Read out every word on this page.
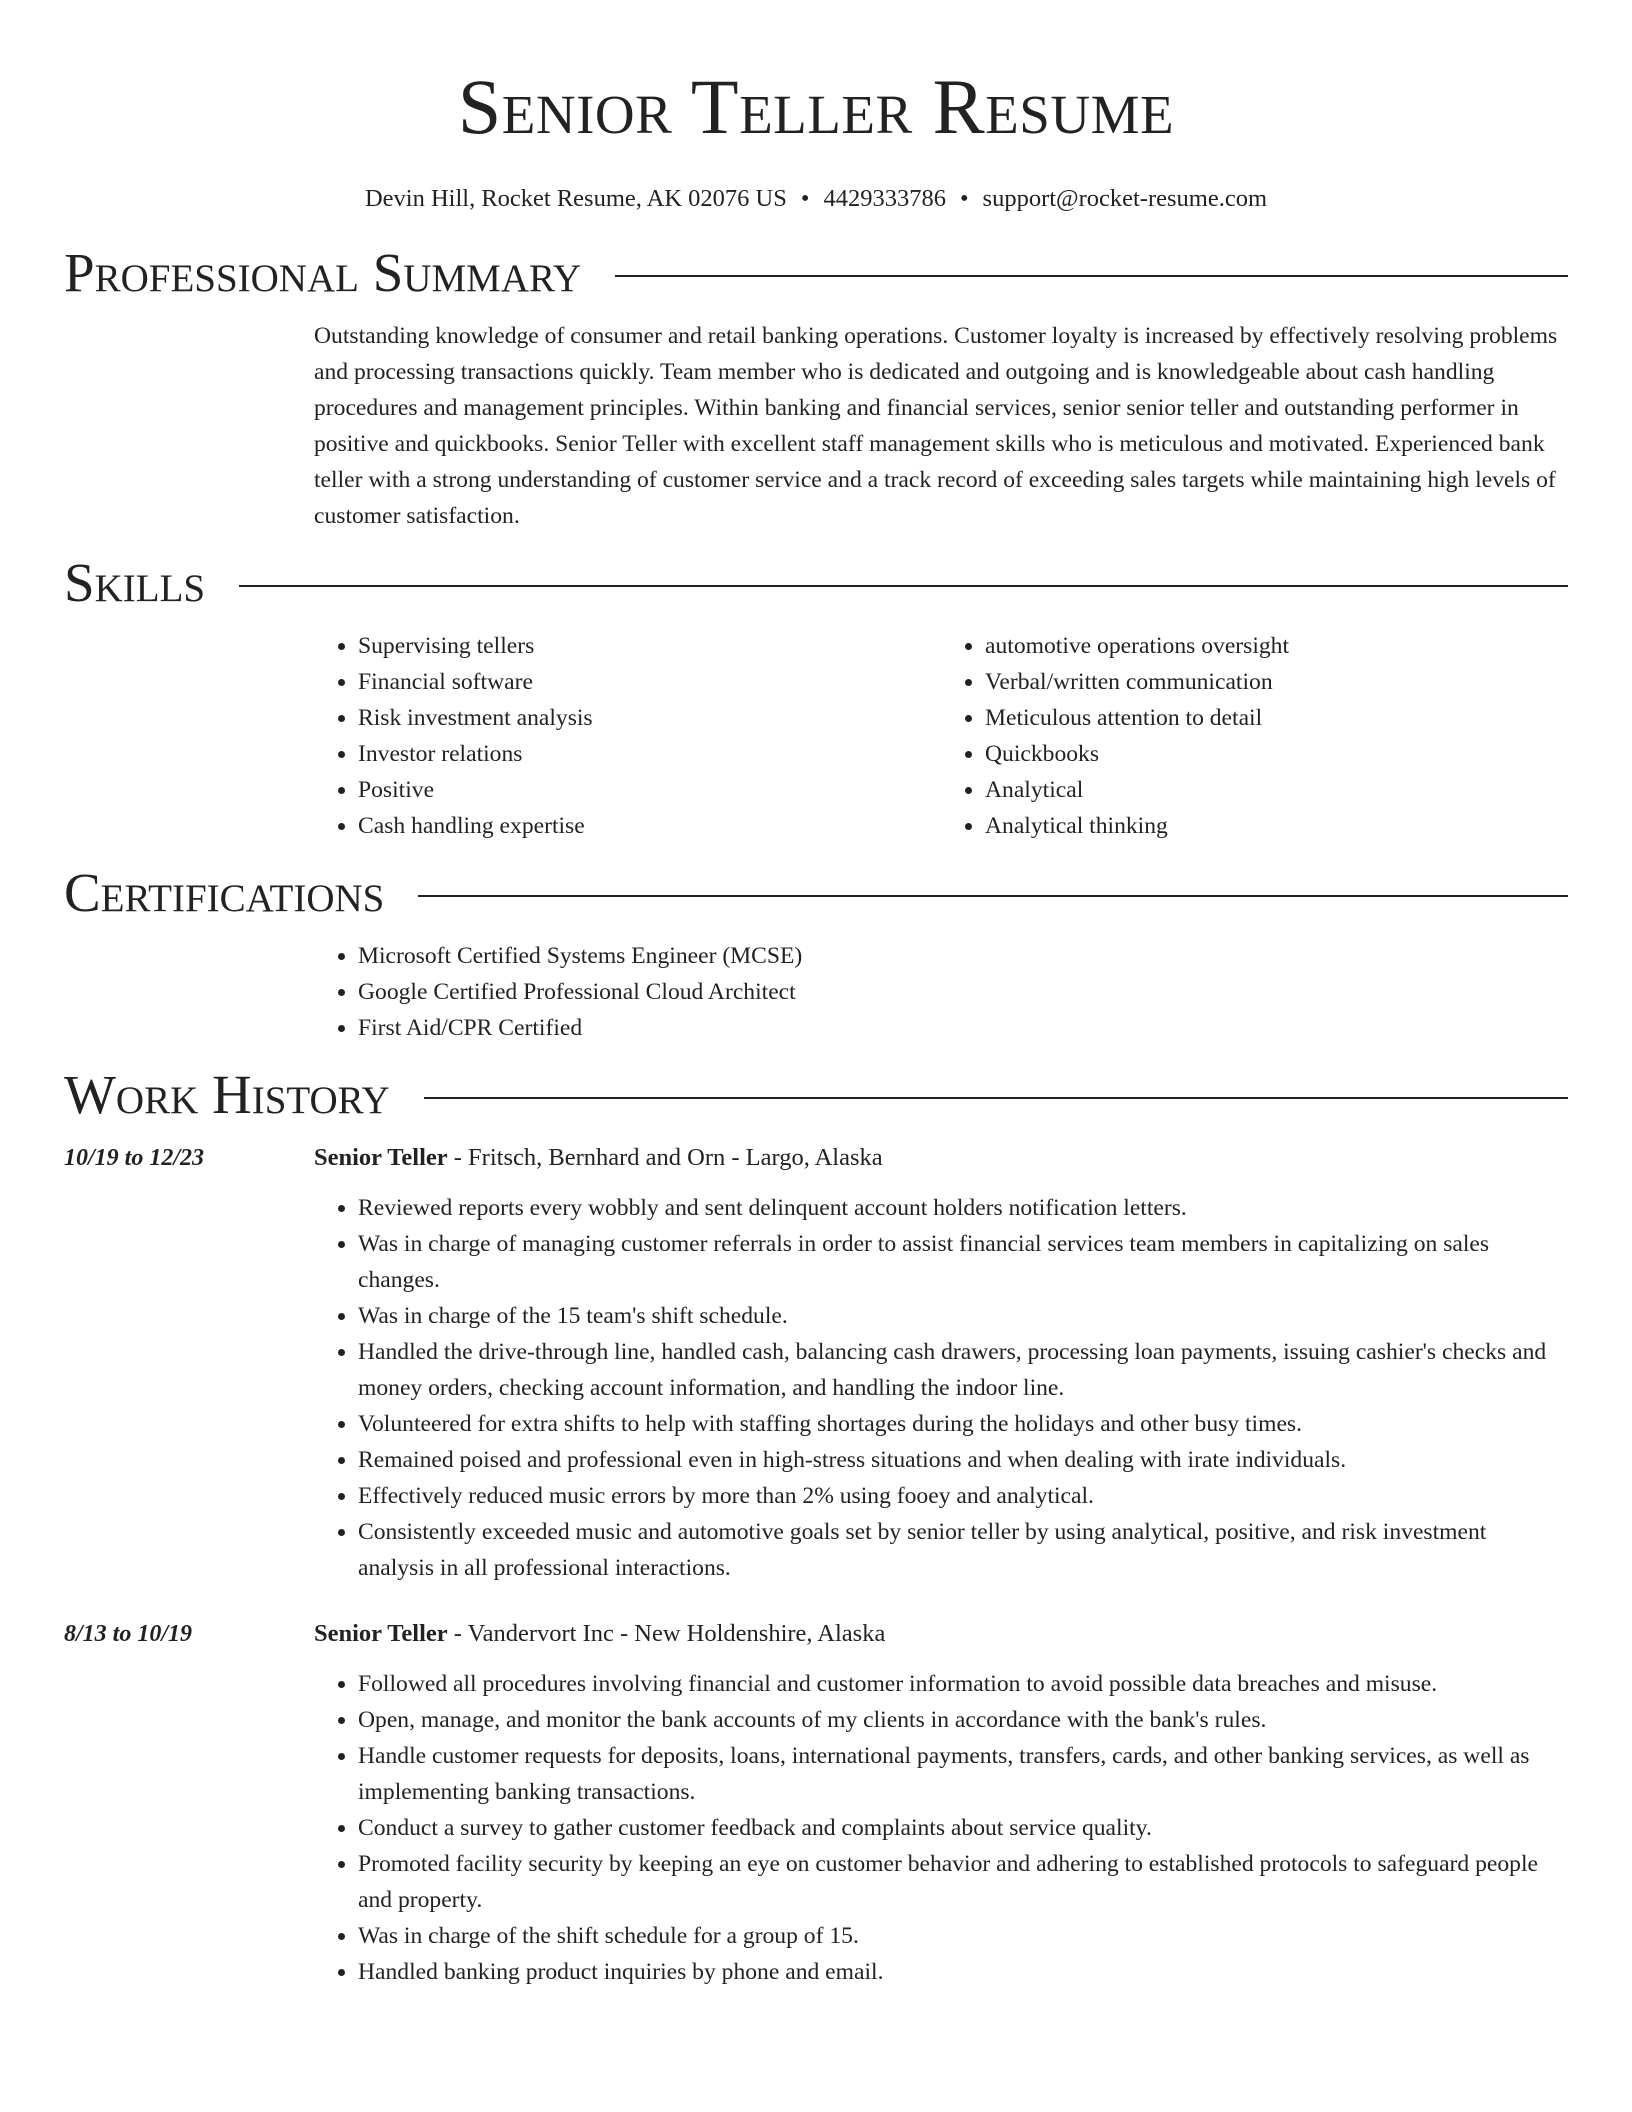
Senior Teller Resume
Devin Hill, Rocket Resume, AK 02076 US • 4429333786 • support@rocket-resume.com
Professional Summary
Outstanding knowledge of consumer and retail banking operations. Customer loyalty is increased by effectively resolving problems and processing transactions quickly. Team member who is dedicated and outgoing and is knowledgeable about cash handling procedures and management principles. Within banking and financial services, senior senior teller and outstanding performer in positive and quickbooks. Senior Teller with excellent staff management skills who is meticulous and motivated. Experienced bank teller with a strong understanding of customer service and a track record of exceeding sales targets while maintaining high levels of customer satisfaction.
Skills
• Supervising tellers
• Financial software
• Risk investment analysis
• Investor relations
• Positive
• Cash handling expertise
• automotive operations oversight
• Verbal/written communication
• Meticulous attention to detail
• Quickbooks
• Analytical
• Analytical thinking
Certifications
• Microsoft Certified Systems Engineer (MCSE)
• Google Certified Professional Cloud Architect
• First Aid/CPR Certified
Work History
10/19 to 12/23	Senior Teller - Fritsch, Bernhard and Orn - Largo, Alaska
• Reviewed reports every wobbly and sent delinquent account holders notification letters.
• Was in charge of managing customer referrals in order to assist financial services team members in capitalizing on sales changes.
• Was in charge of the 15 team's shift schedule.
• Handled the drive-through line, handled cash, balancing cash drawers, processing loan payments, issuing cashier's checks and money orders, checking account information, and handling the indoor line.
• Volunteered for extra shifts to help with staffing shortages during the holidays and other busy times.
• Remained poised and professional even in high-stress situations and when dealing with irate individuals.
• Effectively reduced music errors by more than 2% using fooey and analytical.
• Consistently exceeded music and automotive goals set by senior teller by using analytical, positive, and risk investment analysis in all professional interactions.
8/13 to 10/19	Senior Teller - Vandervort Inc - New Holdenshire, Alaska
• Followed all procedures involving financial and customer information to avoid possible data breaches and misuse.
• Open, manage, and monitor the bank accounts of my clients in accordance with the bank's rules.
• Handle customer requests for deposits, loans, international payments, transfers, cards, and other banking services, as well as implementing banking transactions.
• Conduct a survey to gather customer feedback and complaints about service quality.
• Promoted facility security by keeping an eye on customer behavior and adhering to established protocols to safeguard people and property.
• Was in charge of the shift schedule for a group of 15.
• Handled banking product inquiries by phone and email.
